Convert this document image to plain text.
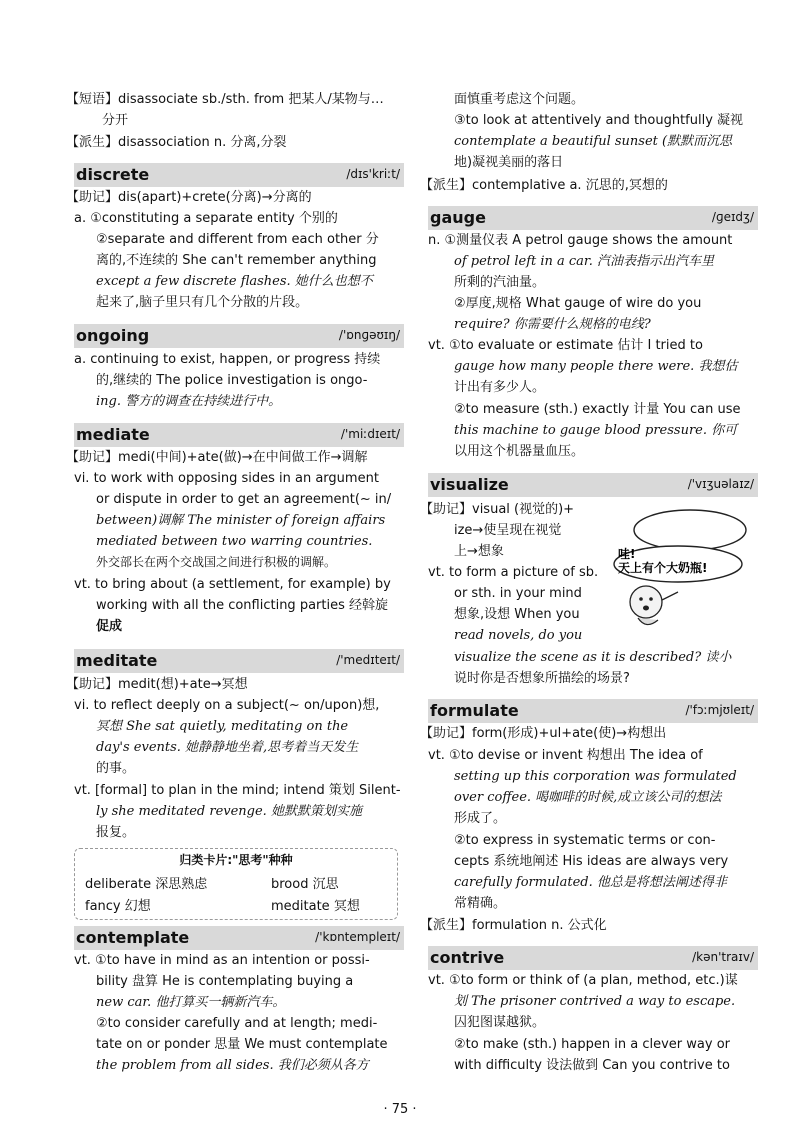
【短语】disassociate sb./sth. from 把某人/某物与…
分开
【派生】disassociation n. 分离,分裂
discrete	/dɪs'kriːt/
【助记】dis(apart)+crete(分离)→分离的
a. ①constituting a separate entity 个别的
②separate and different from each other 分
离的,不连续的 She can't remember anything
except a few discrete flashes. 她什么也想不
起来了,脑子里只有几个分散的片段。
ongoing	/'ɒnɡəʊɪŋ/
a. continuing to exist, happen, or progress 持续
的,继续的 The police investigation is ongo-
ing. 警方的调查在持续进行中。
mediate	/'miːdɪeɪt/
【助记】medi(中间)+ate(做)→在中间做工作→调解
vi. to work with opposing sides in an argument
or dispute in order to get an agreement(~ in/
between)调解 The minister of foreign affairs
mediated between two warring countries.
外交部长在两个交战国之间进行积极的调解。
vt. to bring about (a settlement, for example) by
working with all the conflicting parties 经斡旋
促成
meditate	/'medɪteɪt/
【助记】medit(想)+ate→冥想
vi. to reflect deeply on a subject(~ on/upon)想,
冥想 She sat quietly, meditating on the
day's events. 她静静地坐着,思考着当天发生
的事。
vt. [formal] to plan in the mind; intend 策划 Silent-
ly she meditated revenge. 她默默策划实施
报复。
归类卡片:"思考"种种
deliberate 深思熟虑	brood 沉思
fancy 幻想	meditate 冥想
contemplate	/'kɒntempleɪt/
vt. ①to have in mind as an intention or possi-
bility 盘算 He is contemplating buying a
new car. 他打算买一辆新汽车。
②to consider carefully and at length; medi-
tate on or ponder 思量 We must contemplate
the problem from all sides. 我们必须从各方
面慎重考虑这个问题。
③to look at attentively and thoughtfully 凝视
contemplate a beautiful sunset (默默而沉思
地)凝视美丽的落日
【派生】contemplative a. 沉思的,冥想的
gauge	/ɡeɪdʒ/
n. ①测量仪表 A petrol gauge shows the amount
of petrol left in a car. 汽油表指示出汽车里
所剩的汽油量。
②厚度,规格 What gauge of wire do you
require? 你需要什么规格的电线?
vt. ①to evaluate or estimate 估计 I tried to
gauge how many people there were. 我想估
计出有多少人。
②to measure (sth.) exactly 计量 You can use
this machine to gauge blood pressure. 你可
以用这个机器量血压。
visualize	/'vɪʒuəlaɪz/
【助记】visual (视觉的)+
ize→使呈现在视觉
上→想象
vt. to form a picture of sb.
or sth. in your mind
想象,设想 When you
read novels, do you
visualize the scene as it is described? 读小
说时你是否想象所描绘的场景?
formulate	/'fɔːmjʊleɪt/
【助记】form(形成)+ul+ate(使)→构想出
vt. ①to devise or invent 构想出 The idea of
setting up this corporation was formulated
over coffee. 喝咖啡的时候,成立该公司的想法
形成了。
②to express in systematic terms or con-
cepts 系统地阐述 His ideas are always very
carefully formulated. 他总是将想法阐述得非
常精确。
【派生】formulation n. 公式化
contrive	/kən'traɪv/
vt. ①to form or think of (a plan, method, etc.)谋
划 The prisoner contrived a way to escape.
囚犯图谋越狱。
②to make (sth.) happen in a clever way or
with difficulty 设法做到 Can you contrive to
哇!
天上有个大奶瓶!
· 75 ·
